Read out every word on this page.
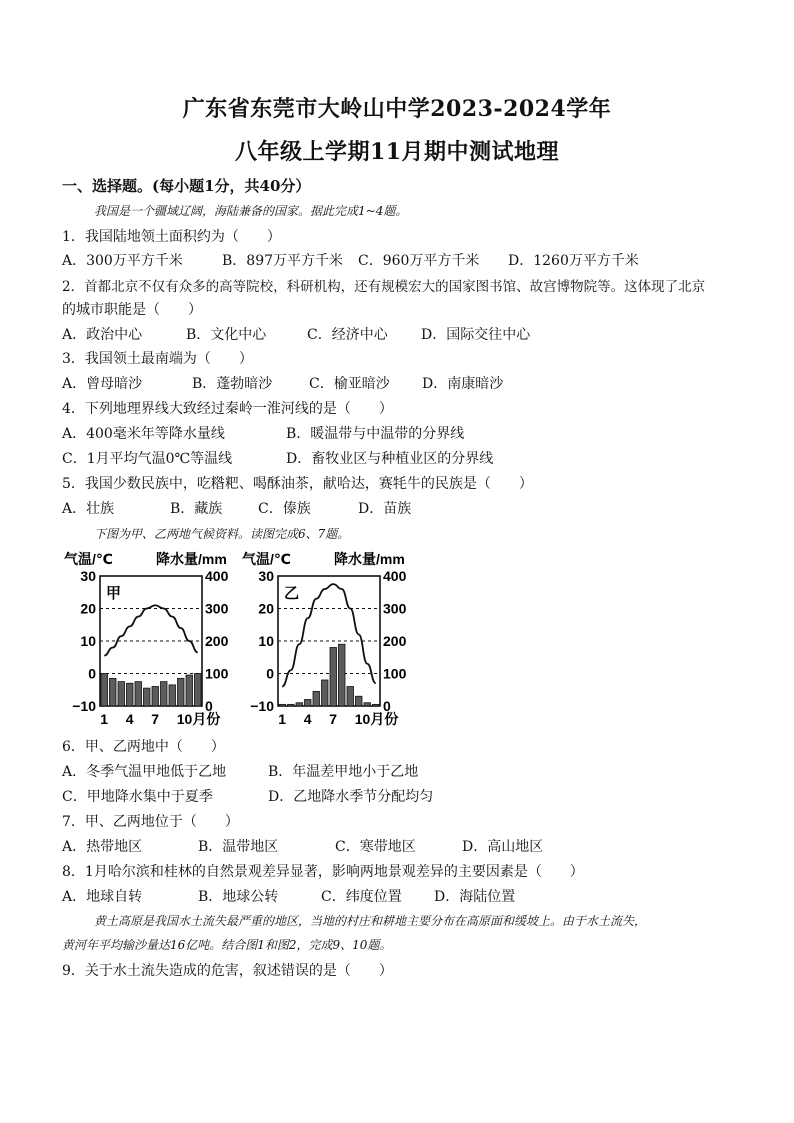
广东省东莞市大岭山中学2023-2024学年
八年级上学期11月期中测试地理
一、选择题。(每小题1分，共40分）
我国是一个疆域辽阔，海陆兼备的国家。据此完成1~4题。
1．我国陆地领土面积约为（　　）
A．300万平方千米	B．897万平方千米 C．960万平方千米 D．1260万平方千米
2．首都北京不仅有众多的高等院校，科研机构，还有规模宏大的国家图书馆、故宫博物院等。这体现了北京
的城市职能是（　　）
A．政治中心	B．文化中心	C．经济中心 D．国际交往中心
3．我国领土最南端为（　　）
A．曾母暗沙	B．蓬勃暗沙	C．榆亚暗沙 D．南康暗沙
4．下列地理界线大致经过秦岭一淮河线的是（　　）
A．400毫米年等降水量线	B．暖温带与中温带的分界线
C．1月平均气温0℃等温线	D．畜牧业区与种植业区的分界线
5．我国少数民族中，吃糌粑、喝酥油茶，献哈达，赛牦牛的民族是（　　）
A．壮族	B．藏族	C．傣族	D．苗族
下图为甲、乙两地气候资料。读图完成6、7题。
气温/℃	降水量/mm
30
20
10
0
−10
400
300
200
100
0
甲
1 4 7 10月份
气温/℃	降水量/mm
30
20
10
0
−10
400
300
200
100
0
乙
1 4 7 10月份
6．甲、乙两地中（　　）
A．冬季气温甲地低于乙地	B．年温差甲地小于乙地
C．甲地降水集中于夏季	D．乙地降水季节分配均匀
7．甲、乙两地位于（　　）
A．热带地区	B．温带地区	C．寒带地区	D．高山地区
8．1月哈尔滨和桂林的自然景观差异显著，影响两地景观差异的主要因素是（　　）
A．地球自转	B．地球公转	C．纬度位置 D．海陆位置
黄土高原是我国水土流失最严重的地区，当地的村庄和耕地主要分布在高原面和缓坡上。由于水土流失，
黄河年平均输沙量达16亿吨。结合图1和图2，完成9、10题。
9．关于水土流失造成的危害，叙述错误的是（　　）
